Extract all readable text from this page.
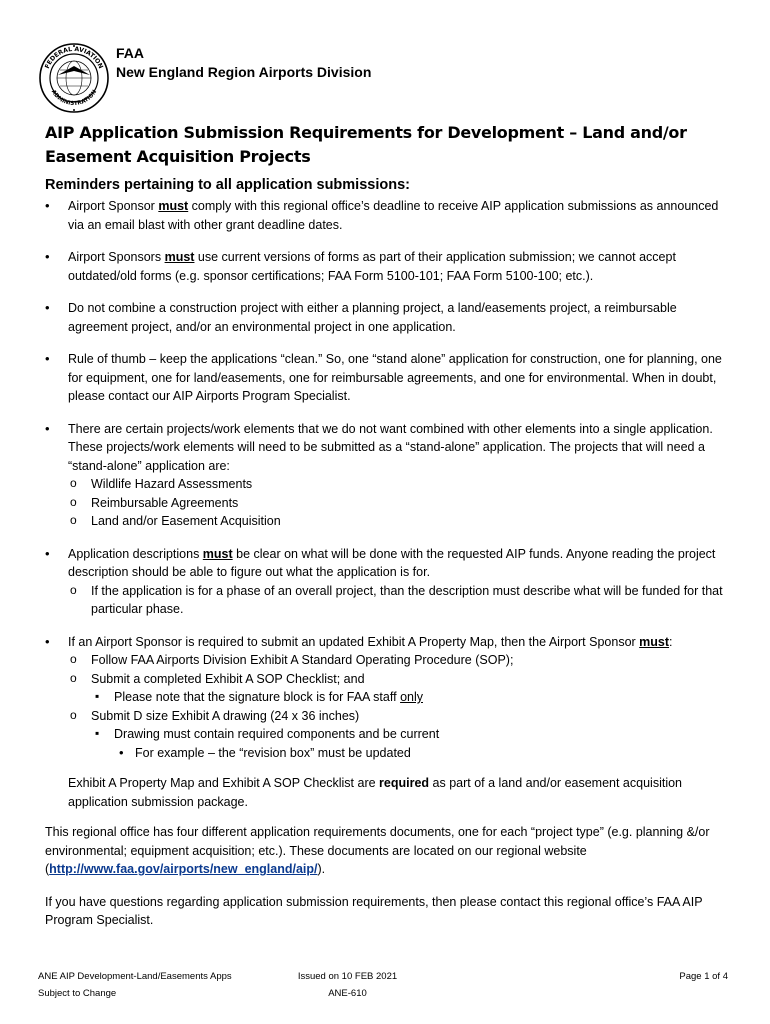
FEDERAL AVIATION
ADMINISTRATION
FAA
New England Region Airports Division
AIP Application Submission Requirements for Development – Land and/or Easement Acquisition Projects
Reminders pertaining to all application submissions:
• Airport Sponsor must comply with this regional office’s deadline to receive AIP application submissions as announced via an email blast with other grant deadline dates.
• Airport Sponsors must use current versions of forms as part of their application submission; we cannot accept outdated/old forms (e.g. sponsor certifications; FAA Form 5100-101; FAA Form 5100-100; etc.).
• Do not combine a construction project with either a planning project, a land/easements project, a reimbursable agreement project, and/or an environmental project in one application.
• Rule of thumb – keep the applications “clean.” So, one “stand alone” application for construction, one for planning, one for equipment, one for land/easements, one for reimbursable agreements, and one for environmental. When in doubt, please contact our AIP Airports Program Specialist.
• There are certain projects/work elements that we do not want combined with other elements into a single application. These projects/work elements will need to be submitted as a “stand-alone” application. The projects that will need a “stand-alone” application are:
o Wildlife Hazard Assessments
o Reimbursable Agreements
o Land and/or Easement Acquisition
• Application descriptions must be clear on what will be done with the requested AIP funds. Anyone reading the project description should be able to figure out what the application is for.
o If the application is for a phase of an overall project, than the description must describe what will be funded for that particular phase.
• If an Airport Sponsor is required to submit an updated Exhibit A Property Map, then the Airport Sponsor must:
o Follow FAA Airports Division Exhibit A Standard Operating Procedure (SOP);
o Submit a completed Exhibit A SOP Checklist; and
▪ Please note that the signature block is for FAA staff only
o Submit D size Exhibit A drawing (24 x 36 inches)
▪ Drawing must contain required components and be current
• For example – the “revision box” must be updated
Exhibit A Property Map and Exhibit A SOP Checklist are required as part of a land and/or easement acquisition application submission package.
This regional office has four different application requirements documents, one for each “project type” (e.g. planning &/or environmental; equipment acquisition; etc.). These documents are located on our regional website (http://www.faa.gov/airports/new_england/aip/).
If you have questions regarding application submission requirements, then please contact this regional office’s FAA AIP Program Specialist.
ANE AIP Development-Land/Easements Apps
Subject to Change
Issued on 10 FEB 2021
ANE-610
Page 1 of 4
